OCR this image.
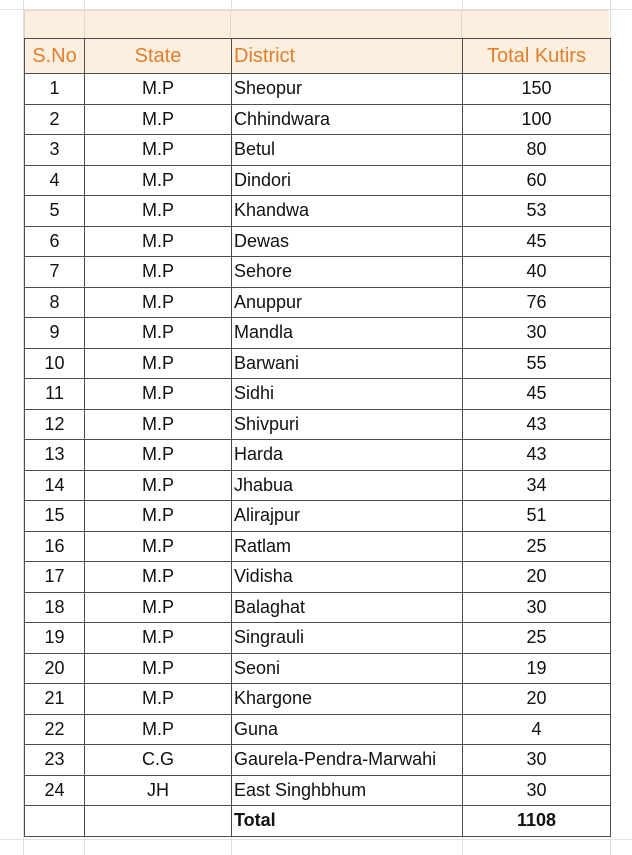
S.No	State	District	Total Kutirs
1	M.P	Sheopur	150
2	M.P	Chhindwara	100
3	M.P	Betul	80
4	M.P	Dindori	60
5	M.P	Khandwa	53
6	M.P	Dewas	45
7	M.P	Sehore	40
8	M.P	Anuppur	76
9	M.P	Mandla	30
10	M.P	Barwani	55
11	M.P	Sidhi	45
12	M.P	Shivpuri	43
13	M.P	Harda	43
14	M.P	Jhabua	34
15	M.P	Alirajpur	51
16	M.P	Ratlam	25
17	M.P	Vidisha	20
18	M.P	Balaghat	30
19	M.P	Singrauli	25
20	M.P	Seoni	19
21	M.P	Khargone	20
22	M.P	Guna	4
23	C.G	Gaurela-Pendra-Marwahi	30
24	JH	East Singhbhum	30
		Total	1108
